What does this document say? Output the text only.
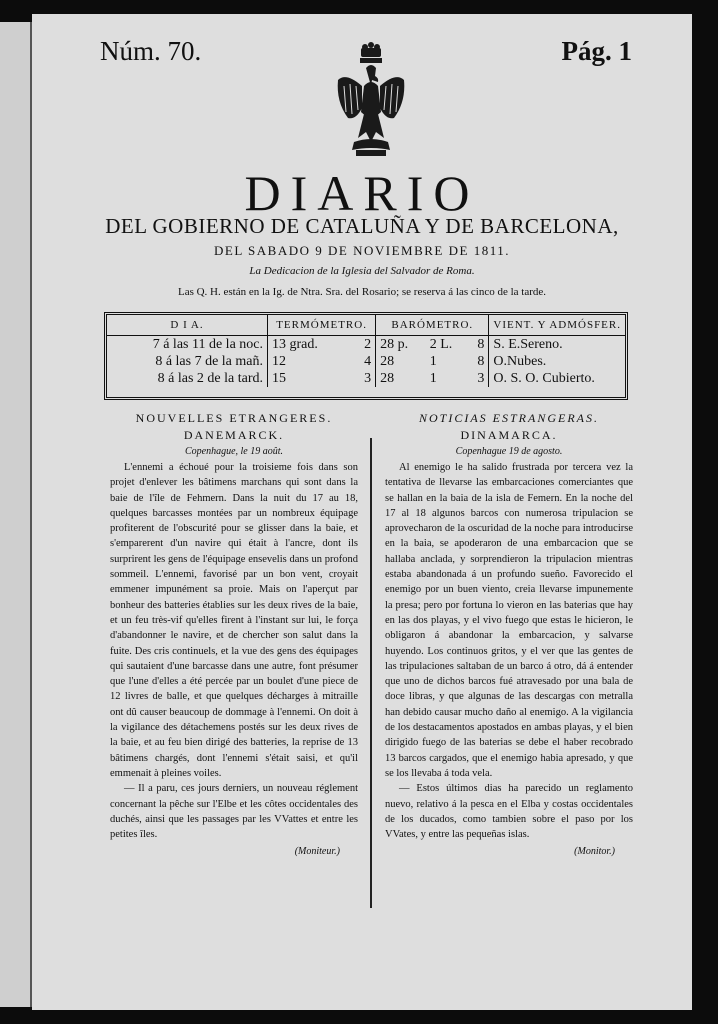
Núm. 70.	Pág. 1
DIARIO
DEL GOBIERNO DE CATALUÑA Y DE BARCELONA,
DEL SABADO 9 DE NOVIEMBRE DE 1811.
La Dedicacion de la Iglesia del Salvador de Roma.
Las Q. H. están en la Ig. de Ntra. Sra. del Rosario; se reserva á las cinco de la tarde.
D I A.	TERMÓMETRO.		BARÓMETRO.			VIENT. Y ADMÓSFER.
7 á las 11 de la noc.	13 grad.	2	28 p.	2 L.	8	S. E.Sereno.
8 á las 7 de la mañ.	12	4	28	1	8	O.Nubes.
8 á las 2 de la tard.	15	3	28	1	3	O. S. O. Cubierto.
NOUVELLES ETRANGERES.
DANEMARCK.
Copenhague, le 19 août.

L'ennemi a échoué pour la troisieme fois dans son projet d'enlever les bâtimens marchans qui sont dans la baie de l'île de Fehmern. Dans la nuit du 17 au 18, quelques barcasses montées par un nombreux équipage profiterent de l'obscurité pour se glisser dans la baie, et s'emparerent d'un navire qui était à l'ancre, dont ils surprirent les gens de l'équipage ensevelis dans un profond sommeil. L'ennemi, favorisé par un bon vent, croyait emmener impunément sa proie. Mais on l'aperçut par bonheur des batteries établies sur les deux rives de la baie, et un feu très-vif qu'elles firent à l'instant sur lui, le força d'abandonner le navire, et de chercher son salut dans la fuite. Des cris continuels, et la vue des gens des équipages qui sautaient d'une barcasse dans une autre, font présumer que l'une d'elles a été percée par un boulet d'une piece de 12 livres de balle, et que quelques décharges à mitraille ont dû causer beaucoup de dommage à l'ennemi. On doit à la vigilance des détachemens postés sur les deux rives de la baie, et au feu bien dirigé des batteries, la reprise de 13 bâtimens chargés, dont l'ennemi s'était saisi, et qu'il emmenait à pleines voiles.

— Il a paru, ces jours derniers, un nouveau réglement concernant la pêche sur l'Elbe et les côtes occidentales des duchés, ainsi que les passages par les VVattes et entre les petites îles.

(Moniteur.)
NOTICIAS ESTRANGERAS.
DINAMARCA.
Copenhague 19 de agosto.

Al enemigo le ha salido frustrada por tercera vez la tentativa de llevarse las embarcaciones comerciantes que se hallan en la baia de la isla de Femern. En la noche del 17 al 18 algunos barcos con numerosa tripulacion se aprovecharon de la oscuridad de la noche para introducirse en la baia, se apoderaron de una embarcacion que se hallaba anclada, y sorprendieron la tripulacion mientras estaba abandonada á un profundo sueño. Favorecido el enemigo por un buen viento, creia llevarse impunemente la presa; pero por fortuna lo vieron en las baterias que hay en las dos playas, y el vivo fuego que estas le hicieron, le obligaron á abandonar la embarcacion, y salvarse huyendo. Los continuos gritos, y el ver que las gentes de las tripulaciones saltaban de un barco á otro, dá á entender que uno de dichos barcos fué atravesado por una bala de doce libras, y que algunas de las descargas con metralla han debido causar mucho daño al enemigo. A la vigilancia de los destacamentos apostados en ambas playas, y el bien dirigido fuego de las baterias se debe el haber recobrado 13 barcos cargados, que el enemigo habia apresado, y que se los llevaba á toda vela.

— Estos últimos dias ha parecido un reglamento nuevo, relativo á la pesca en el Elba y costas occidentales de los ducados, como tambien sobre el paso por los VVates, y entre las pequeñas islas.

(Monitor.)
